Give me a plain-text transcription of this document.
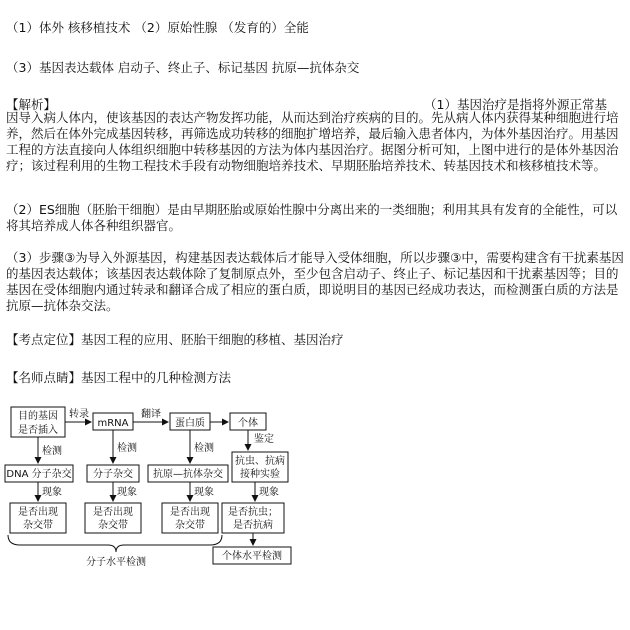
（1）体外 核移植技术 （2）原始性腺 （发育的）全能
（3）基因表达载体 启动子、终止子、标记基因 抗原—抗体杂交
【解析】	（1）基因治疗是指将外源正常基
因导入病人体内，使该基因的表达产物发挥功能，从而达到治疗疾病的目的。先从病人体内获得某种细胞进行培养，然后在体外完成基因转移，再筛选成功转移的细胞扩增培养，最后输入患者体内，为体外基因治疗。用基因工程的方法直接向人体组织细胞中转移基因的方法为体内基因治疗。据图分析可知，上图中进行的是体外基因治疗；该过程利用的生物工程技术手段有动物细胞培养技术、早期胚胎培养技术、转基因技术和核移植技术等。
（2）ES细胞（胚胎干细胞）是由早期胚胎或原始性腺中分离出来的一类细胞；利用其具有发育的全能性，可以将其培养成人体各种组织器官。
（3）步骤③为导入外源基因，构建基因表达载体后才能导入受体细胞，所以步骤③中，需要构建含有干扰素基因的基因表达载体；该基因表达载体除了复制原点外，至少包含启动子、终止子、标记基因和干扰素基因等；目的基因在受体细胞内通过转录和翻译合成了相应的蛋白质，即说明目的基因已经成功表达，而检测蛋白质的方法是抗原—抗体杂交法。
【考点定位】基因工程的应用、胚胎干细胞的移植、基因治疗
【名师点睛】基因工程中的几种检测方法
目的基因
是否插入
mRNA	蛋白质	个体
转录	翻译
检测	检测	检测
鉴定
DNA 分子杂交 分子杂交 抗原—抗体杂交
抗虫、抗病
接种实验
现象	现象	现象	现象
是否出现
杂交带
是否出现
杂交带
是否出现
杂交带
是否抗虫；
是否抗病
分子水平检测
个体水平检测
